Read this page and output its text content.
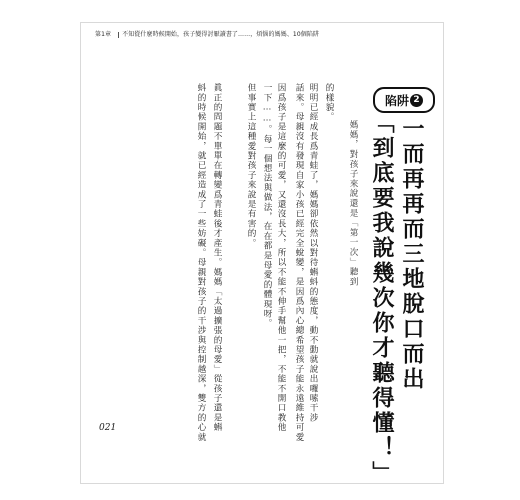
第1章 不知從什麼時候開始，孩子變得討厭讀書了……，煩惱的媽媽、10個陷阱
陷阱 2
一而再再而三地脫口而出
「到底要我說幾次你才聽得懂！」
媽媽，對孩子來說還是「第一次」聽到
的樣貌。
明明已經成長爲青蛙了，媽媽卻依然以對待蝌蚪的態度，動不動就說出囉嗦干涉
話來。母親沒有發現自家小孩已經完全蛻變，是因爲內心總希望孩子能永遠維持可愛
因爲孩子是這麼的可愛，又還沒長大，所以不能不伸手幫他一把，不能不開口教他
一下……。每一個想法與做法，在在都是母愛的體現呀。
但事實上這種愛對孩子來說是有害的。
眞正的問題不單單在轉變爲青蛙後才產生。媽媽「太過擴張的母愛」從孩子還是蝌
蚪的時候開始，就已經造成了一些妨礙。母親對孩子的干涉與控制越深，雙方的心就
021
